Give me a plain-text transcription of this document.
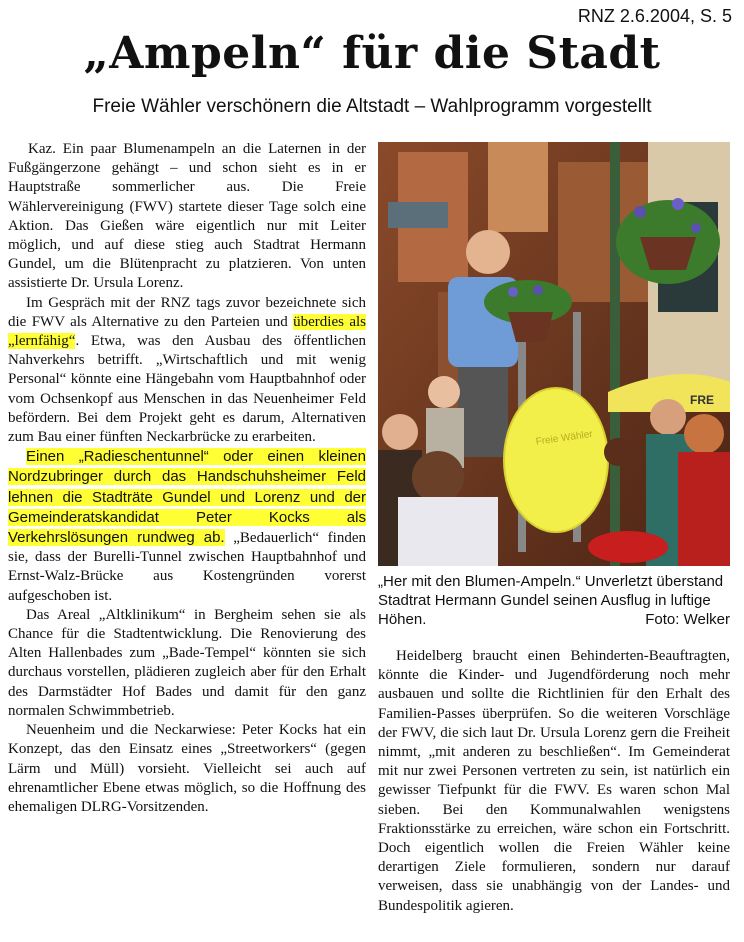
RNZ 2.6.2004, S. 5
„Ampeln“ für die Stadt
Freie Wähler verschönern die Altstadt – Wahlprogramm vorgestellt

Kaz. Ein paar Blumenampeln an die Laternen in der Fußgängerzone gehängt – und schon sieht es in er Hauptstraße sommerlicher aus. Die Freie Wählervereinigung (FWV) startete dieser Tage solch eine Aktion. Das Gießen wäre eigentlich nur mit Leiter möglich, und auf diese stieg auch Stadtrat Hermann Gundel, um die Blütenpracht zu platzieren. Von unten assistierte Dr. Ursula Lorenz.

Im Gespräch mit der RNZ tags zuvor bezeichnete sich die FWV als Alternative zu den Parteien und überdies als „lernfähig“. Etwa, was den Ausbau des öffentlichen Nahverkehrs betrifft. „Wirtschaftlich und mit wenig Personal“ könnte eine Hängebahn vom Hauptbahnhof oder vom Ochsenkopf aus Menschen in das Neuenheimer Feld befördern. Bei dem Projekt geht es darum, Alternativen zum Bau einer fünften Neckarbrücke zu erarbeiten.

Einen „Radieschentunnel“ oder einen kleinen Nordzubringer durch das Handschuhsheimer Feld lehnen die Stadträte Gundel und Lorenz und der Gemeinderatskandidat Peter Kocks als Verkehrslösungen rundweg ab. „Bedauerlich“ finden sie, dass der Burelli-Tunnel zwischen Hauptbahnhof und Ernst-Walz-Brücke aus Kostengründen vorerst aufgeschoben ist.

Das Areal „Altklinikum“ in Bergheim sehen sie als Chance für die Stadtentwicklung. Die Renovierung des Alten Hallenbades zum „Bade-Tempel“ könnten sie sich durchaus vorstellen, plädieren zugleich aber für den Erhalt des Darmstädter Hof Bades und damit für den ganz normalen Schwimmbetrieb.

Neuenheim und die Neckarwiese: Peter Kocks hat ein Konzept, das den Einsatz eines „Streetworkers“ (gegen Lärm und Müll) vorsieht. Vielleicht sei auch auf ehrenamtlicher Ebene etwas möglich, so die Hoffnung des ehemaligen DLRG-Vorsitzenden.

Freie Wähler
FRE
„Her mit den Blumen-Ampeln.“ Unverletzt überstand Stadtrat Hermann Gundel seinen Ausflug in luftige Höhen.	Foto: Welker

Heidelberg braucht einen Behinderten-Beauftragten, könnte die Kinder- und Jugendförderung noch mehr ausbauen und sollte die Richtlinien für den Erhalt des Familien-Passes überprüfen. So die weiteren Vorschläge der FWV, die sich laut Dr. Ursula Lorenz gern die Freiheit nimmt, „mit anderen zu beschließen“. Im Gemeinderat mit nur zwei Personen vertreten zu sein, ist natürlich ein gewisser Tiefpunkt für die FWV. Es waren schon Mal sieben. Bei den Kommunalwahlen wenigstens Fraktionsstärke zu erreichen, wäre schon ein Fortschritt. Doch eigentlich wollen die Freien Wähler keine derartigen Ziele formulieren, sondern nur darauf verweisen, dass sie unabhängig von der Landes- und Bundespolitik agieren.
